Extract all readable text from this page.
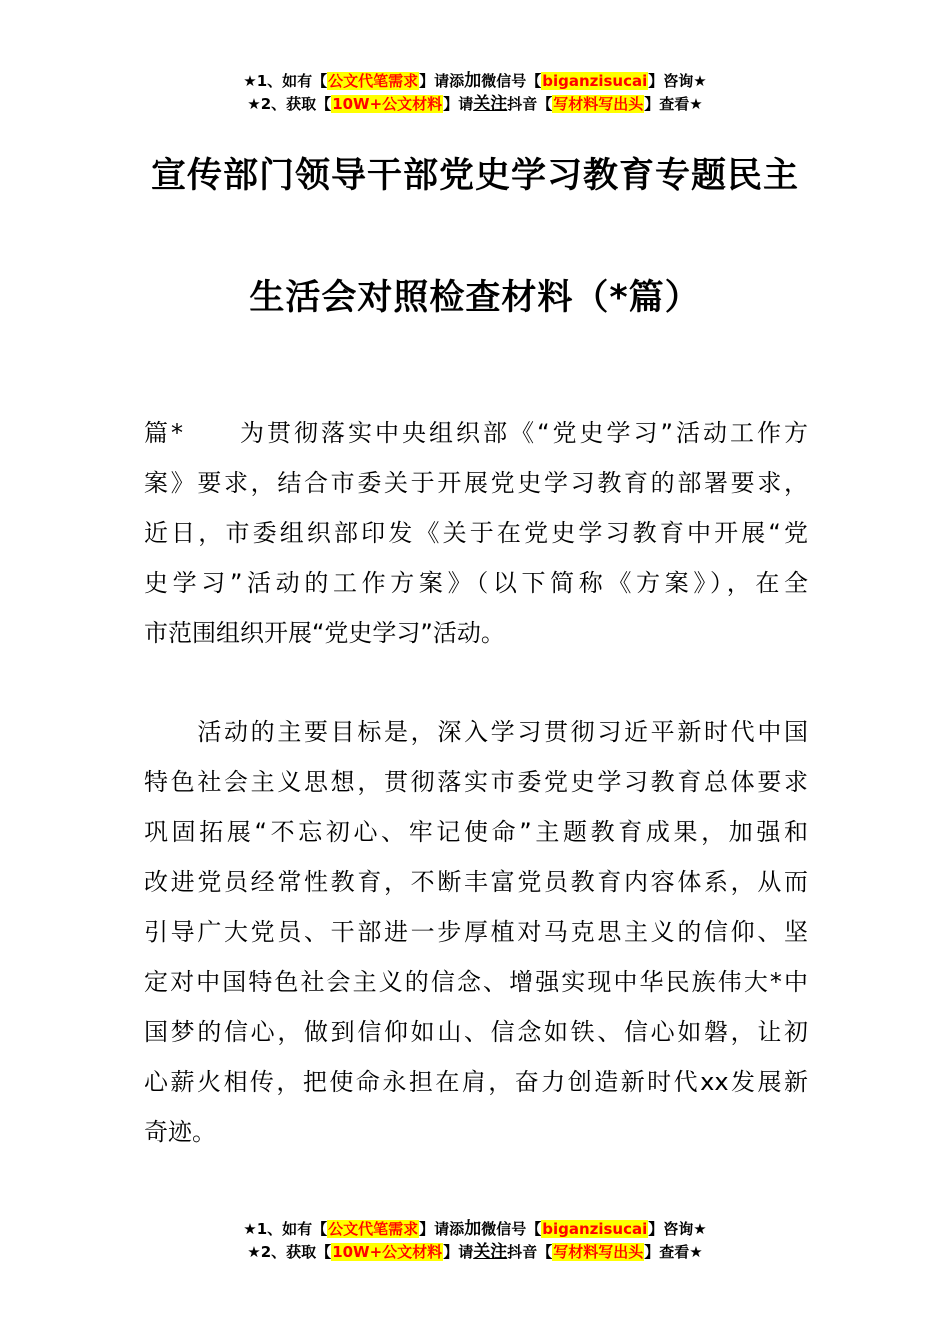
★1、如有【公文代笔需求】请添加微信号【biganzisucai】咨询★
★2、获取【10W+公文材料】请关注抖音【写材料写出头】查看★
宣传部门领导干部党史学习教育专题民主
生活会对照检查材料（*篇）
篇*　　为贯彻落实中央组织部《“党史学习”活动工作方
案》要求，结合市委关于开展党史学习教育的部署要求，
近日，市委组织部印发《关于在党史学习教育中开展“党
史学习”活动的工作方案》（以下简称《方案》），在全
市范围组织开展“党史学习”活动。
　　活动的主要目标是，深入学习贯彻习近平新时代中国
特色社会主义思想，贯彻落实市委党史学习教育总体要求
巩固拓展“不忘初心、牢记使命”主题教育成果，加强和
改进党员经常性教育，不断丰富党员教育内容体系，从而
引导广大党员、干部进一步厚植对马克思主义的信仰、坚
定对中国特色社会主义的信念、增强实现中华民族伟大*中
国梦的信心，做到信仰如山、信念如铁、信心如磐，让初
心薪火相传，把使命永担在肩，奋力创造新时代xx发展新
奇迹。
★1、如有【公文代笔需求】请添加微信号【biganzisucai】咨询★
★2、获取【10W+公文材料】请关注抖音【写材料写出头】查看★
